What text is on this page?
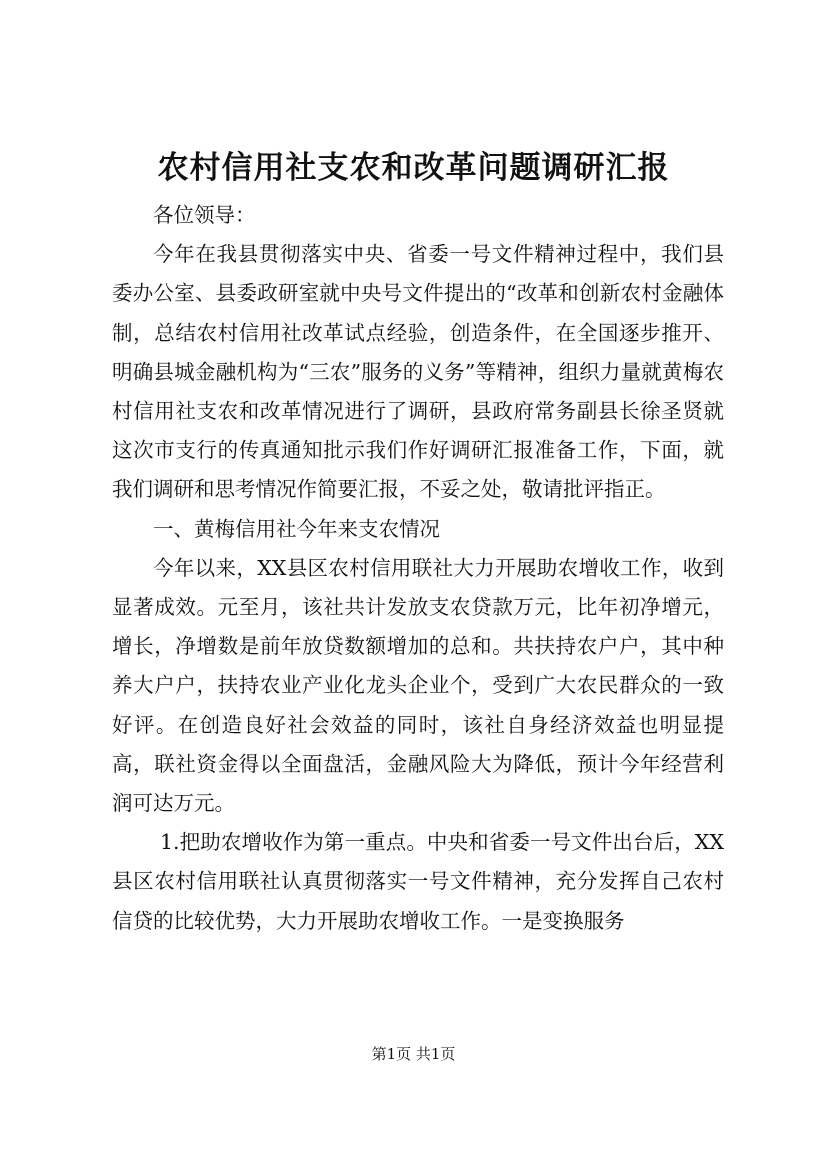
农村信用社支农和改革问题调研汇报

各位领导：

今年在我县贯彻落实中央、省委一号文件精神过程中，我们县委办公室、县委政研室就中央号文件提出的“改革和创新农村金融体制，总结农村信用社改革试点经验，创造条件，在全国逐步推开、明确县城金融机构为“三农”服务的义务”等精神，组织力量就黄梅农村信用社支农和改革情况进行了调研，县政府常务副县长徐圣贤就这次市支行的传真通知批示我们作好调研汇报准备工作，下面，就我们调研和思考情况作简要汇报，不妥之处，敬请批评指正。

一、黄梅信用社今年来支农情况

今年以来，XX县区农村信用联社大力开展助农增收工作，收到显著成效。元至月，该社共计发放支农贷款万元，比年初净增元，增长，净增数是前年放贷数额增加的总和。共扶持农户户，其中种养大户户，扶持农业产业化龙头企业个，受到广大农民群众的一致好评。在创造良好社会效益的同时，该社自身经济效益也明显提高，联社资金得以全面盘活，金融风险大为降低，预计今年经营利润可达万元。

1.把助农增收作为第一重点。中央和省委一号文件出台后，XX县区农村信用联社认真贯彻落实一号文件精神，充分发挥自己农村信贷的比较优势，大力开展助农增收工作。一是变换服务

第1页 共1页
